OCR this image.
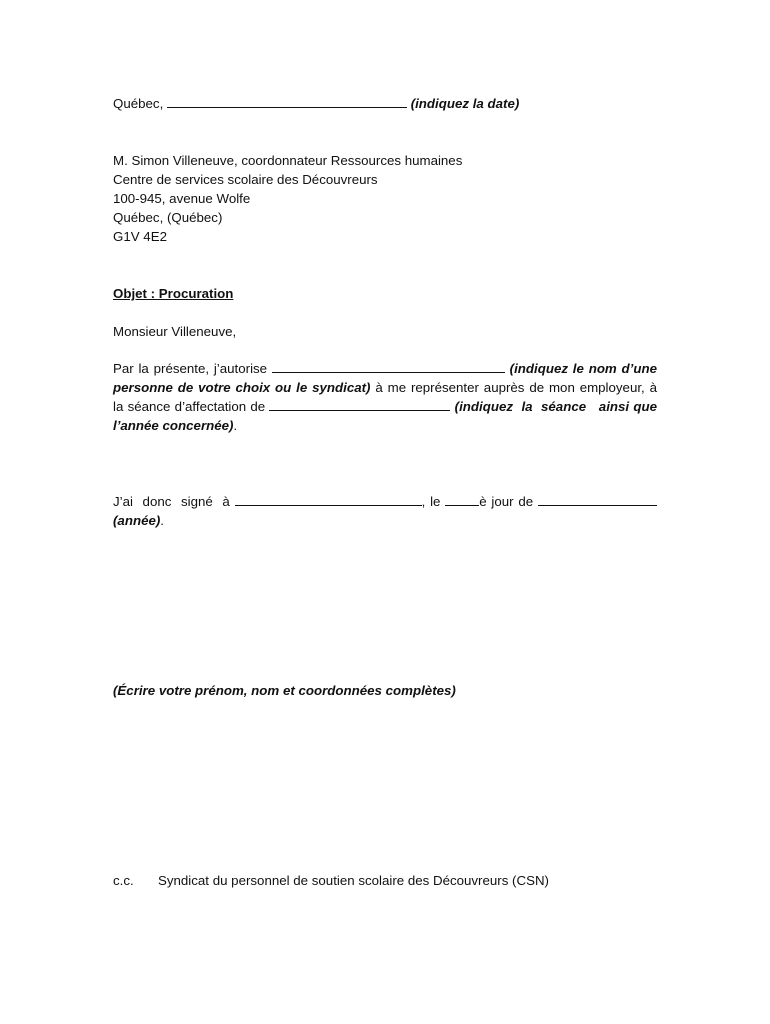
Québec,	(indiquez la date)
M. Simon Villeneuve, coordonnateur Ressources humaines
Centre de services scolaire des Découvreurs
100-945, avenue Wolfe
Québec, (Québec)
G1V 4E2
Objet : Procuration
Monsieur Villeneuve,
Par la présente, j’autorise	(indiquez le nom d’une
personne de votre choix ou le syndicat) à me représenter auprès de mon employeur, à
la séance d’affectation de	(indiquez  la  séance   ainsi que
l’année concernée).
J’ai  donc  signé  à	, le	è jour de
(année).
(Écrire votre prénom, nom et coordonnées complètes)
c.c. Syndicat du personnel de soutien scolaire des Découvreurs (CSN)
